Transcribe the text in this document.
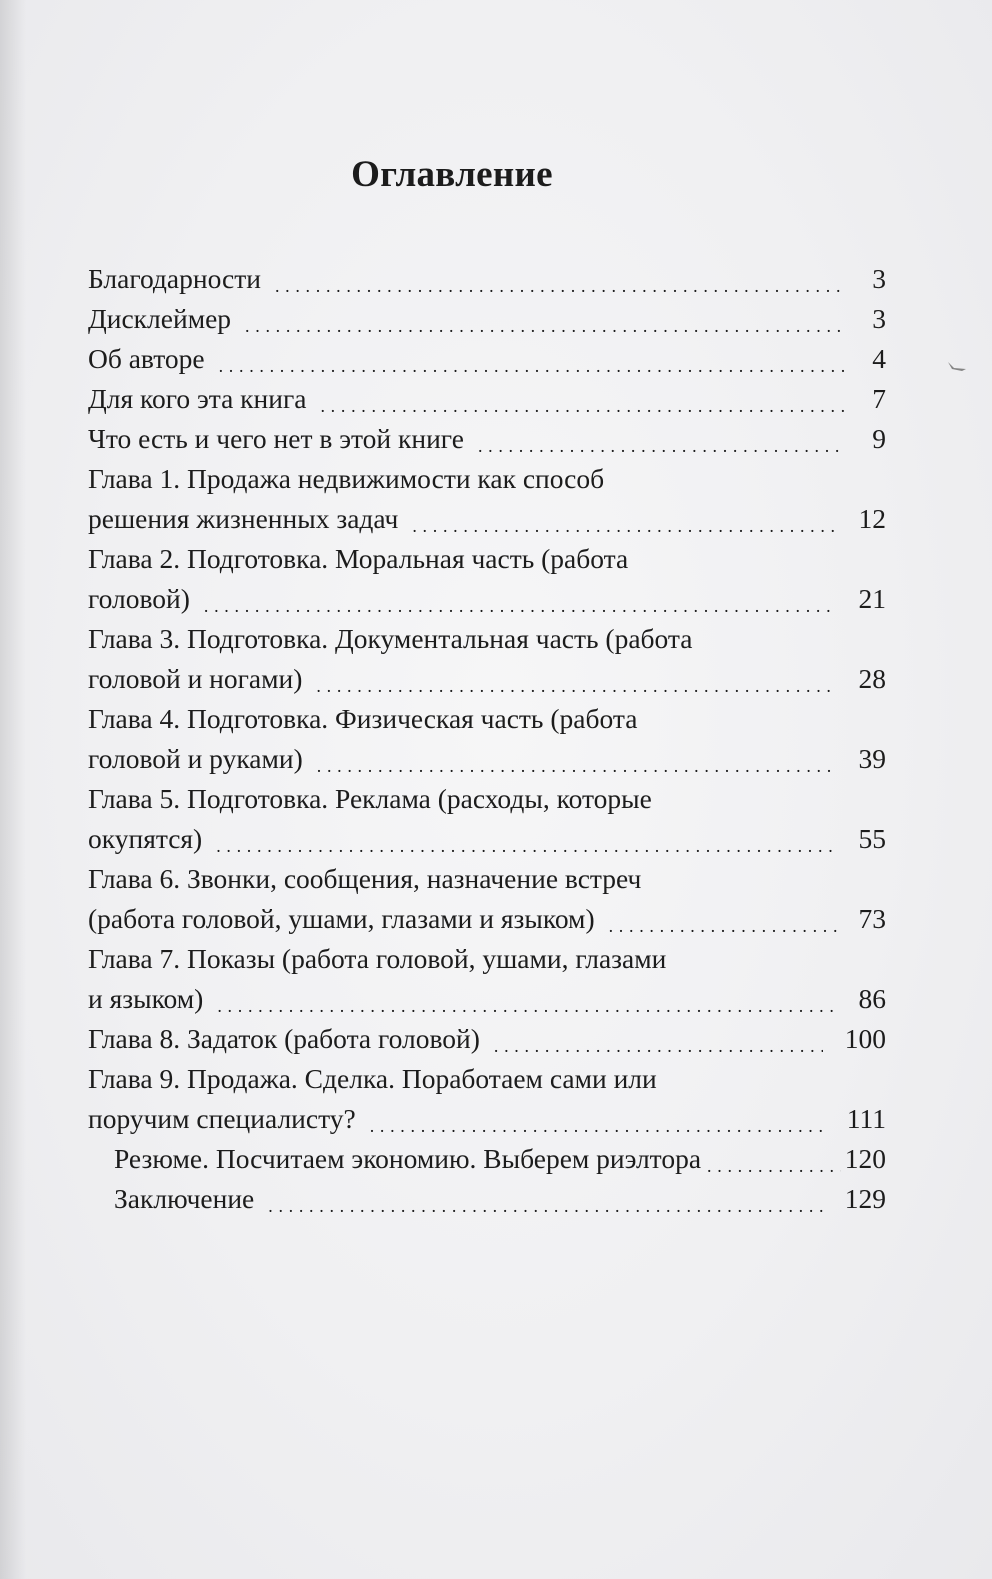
Оглавление
Благодарности . . .	3
Дисклеймер . . .	3
Об авторе . . .	4
Для кого эта книга . . .	7
Что есть и чего нет в этой книге . . .	9
Глава 1. Продажа недвижимости как способ
решения жизненных задач . . .	12
Глава 2. Подготовка. Моральная часть (работа
головой) . . .	21
Глава 3. Подготовка. Документальная часть (работа
головой и ногами) . . .	28
Глава 4. Подготовка. Физическая часть (работа
головой и руками) . . .	39
Глава 5. Подготовка. Реклама (расходы, которые
окупятся) . . .	55
Глава 6. Звонки, сообщения, назначение встреч
(работа головой, ушами, глазами и языком) . . .	73
Глава 7. Показы (работа головой, ушами, глазами
и языком) . . .	86
Глава 8. Задаток (работа головой) . . .	100
Глава 9. Продажа. Сделка. Поработаем сами или
поручим специалисту? . . .	111
Резюме. Посчитаем экономию. Выберем риэлтора . . .	120
Заключение . . .	129
